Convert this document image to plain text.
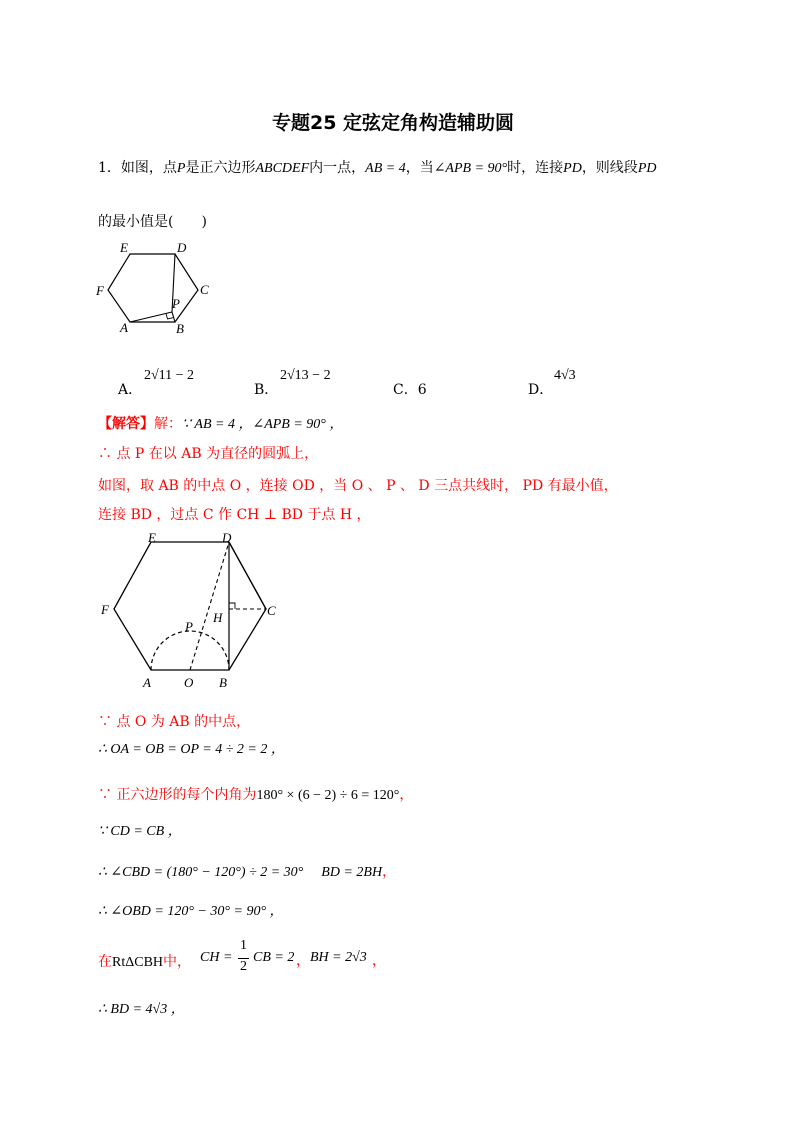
专题25 定弦定角构造辅助圆
1．如图，点P是正六边形ABCDEF内一点，AB = 4，当∠APB = 90°时，连接PD，则线段PD
的最小值是(　　)
E	D
F	C
P
A	B
A．
2√11 − 2
B．
2√13 − 2
C．6	D．
4√3
【解答】解：∵ AB = 4 ，∠APB = 90° ，
∴ 点 P 在以 AB 为直径的圆弧上，
如图，取 AB 的中点 O ，连接 OD ，当 O 、 P 、 D 三点共线时， PD 有最小值，
连接 BD ，过点 C 作 CH ⊥ BD 于点 H ，
E	D
F	C
H
P
A	O B
∵ 点 O 为 AB 的中点，
∴ OA = OB = OP = 4 ÷ 2 = 2 ，
∵ 正六边形的每个内角为180° × (6 − 2) ÷ 6 = 120°，
∵ CD = CB ，
∴ ∠CBD = (180° − 120°) ÷ 2 = 30° BD = 2BH，
∴ ∠OBD = 120° − 30° = 90° ，
在RtΔCBH中， CH =
1
2
CB = 2 ， BH = 2√3 ，
∴ BD = 4√3 ，
